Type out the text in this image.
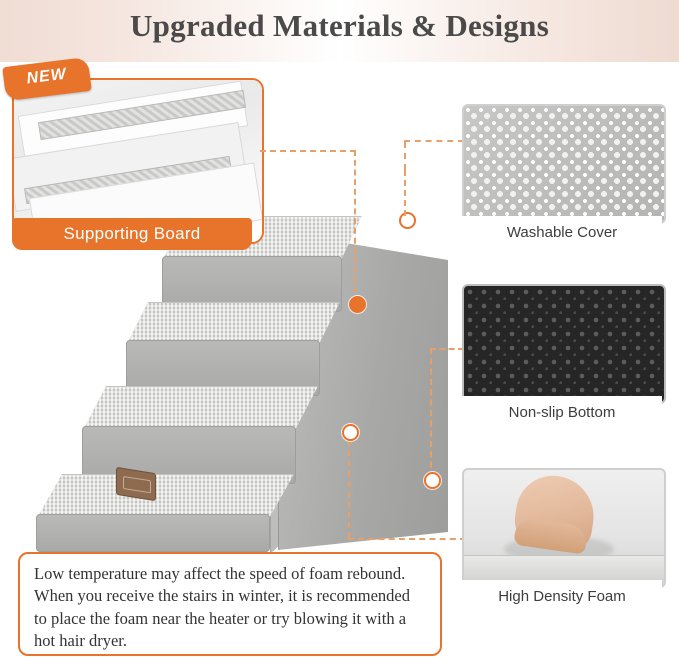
Upgraded Materials & Designs
NEW
Supporting Board	Washable Cover
Non-slip Bottom
High Density Foam

Low temperature may affect the speed of foam rebound. When you receive the stairs in winter, it is recommended to place the foam near the heater or try blowing it with a hot hair dryer.
